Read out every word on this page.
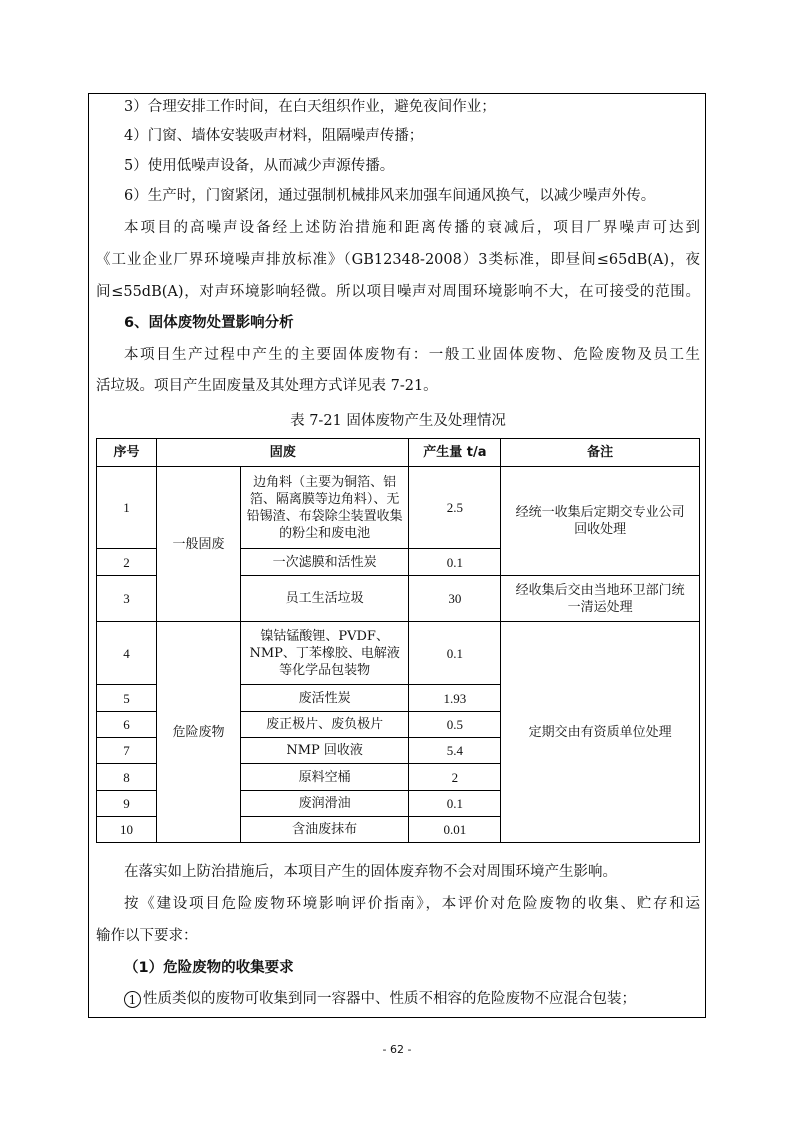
3）合理安排工作时间，在白天组织作业，避免夜间作业；
4）门窗、墙体安装吸声材料，阻隔噪声传播；
5）使用低噪声设备，从而减少声源传播。
6）生产时，门窗紧闭，通过强制机械排风来加强车间通风换气，以减少噪声外传。
本项目的高噪声设备经上述防治措施和距离传播的衰减后，项目厂界噪声可达到
《工业企业厂界环境噪声排放标准》（GB12348-2008）3类标准，即昼间≤65dB(A)，夜
间≤55dB(A)，对声环境影响轻微。所以项目噪声对周围环境影响不大，在可接受的范围。
6、固体废物处置影响分析
本项目生产过程中产生的主要固体废物有：一般工业固体废物、危险废物及员工生
活垃圾。项目产生固废量及其处理方式详见表 7-21。
表 7-21 固体废物产生及处理情况
序号	固废		产生量 t/a	备注
1	一般固废	边角料（主要为铜箔、铝箔、隔离膜等边角料）、无铅锡渣、布袋除尘装置收集的粉尘和废电池	2.5	经统一收集后定期交专业公司回收处理
2		一次滤膜和活性炭	0.1	
3		员工生活垃圾	30	经收集后交由当地环卫部门统一清运处理
4	危险废物	镍钴锰酸锂、PVDF、NMP、丁苯橡胶、电解液等化学品包装物	0.1	定期交由有资质单位处理
5		废活性炭	1.93	
6		废正极片、废负极片	0.5	
7		NMP 回收液	5.4	
8		原料空桶	2	
9		废润滑油	0.1	
10		含油废抹布	0.01	
在落实如上防治措施后，本项目产生的固体废弃物不会对周围环境产生影响。
按《建设项目危险废物环境影响评价指南》，本评价对危险废物的收集、贮存和运
输作以下要求：
（1）危险废物的收集要求
1 性质类似的废物可收集到同一容器中、性质不相容的危险废物不应混合包装；
- 62 -
